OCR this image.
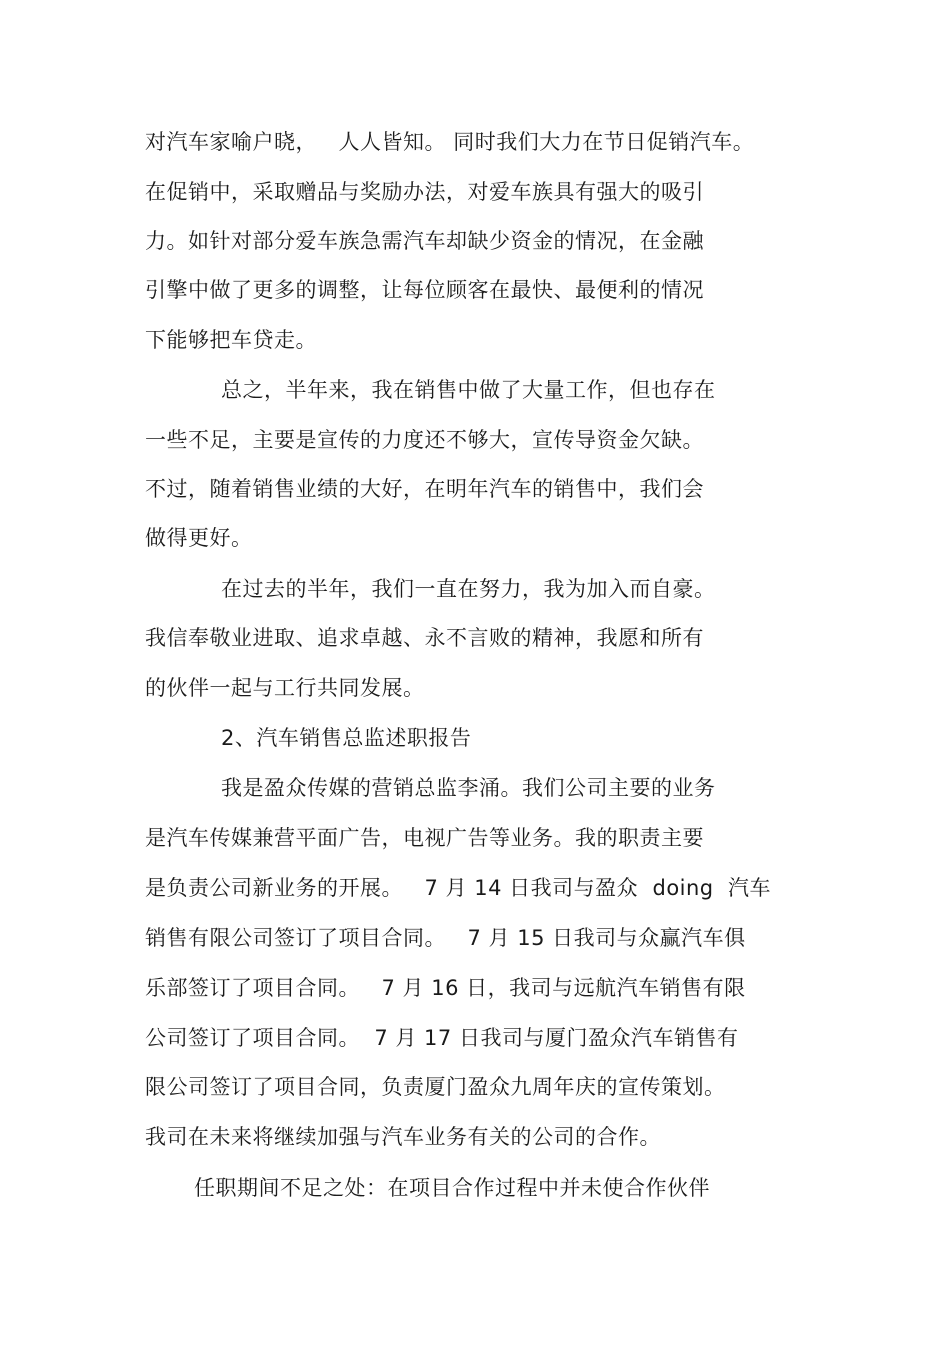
对汽车家喻户晓，   人人皆知。 同时我们大力在节日促销汽车。
在促销中，采取赠品与奖励办法，对爱车族具有强大的吸引
力。如针对部分爱车族急需汽车却缺少资金的情况，在金融
引擎中做了更多的调整，让每位顾客在最快、最便利的情况
下能够把车贷走。
总之，半年来，我在销售中做了大量工作，但也存在
一些不足，主要是宣传的力度还不够大，宣传导资金欠缺。
不过，随着销售业绩的大好，在明年汽车的销售中，我们会
做得更好。
在过去的半年，我们一直在努力，我为加入而自豪。
我信奉敬业进取、追求卓越、永不言败的精神，我愿和所有
的伙伴一起与工行共同发展。
2、汽车销售总监述职报告
我是盈众传媒的营销总监李涌。我们公司主要的业务
是汽车传媒兼营平面广告，电视广告等业务。我的职责主要
是负责公司新业务的开展。   7 月 14 日我司与盈众  doing  汽车
销售有限公司签订了项目合同。   7 月 15 日我司与众赢汽车俱
乐部签订了项目合同。   7 月 16 日，我司与远航汽车销售有限
公司签订了项目合同。  7 月 17 日我司与厦门盈众汽车销售有
限公司签订了项目合同，负责厦门盈众九周年庆的宣传策划。
我司在未来将继续加强与汽车业务有关的公司的合作。
任职期间不足之处：在项目合作过程中并未使合作伙伴
